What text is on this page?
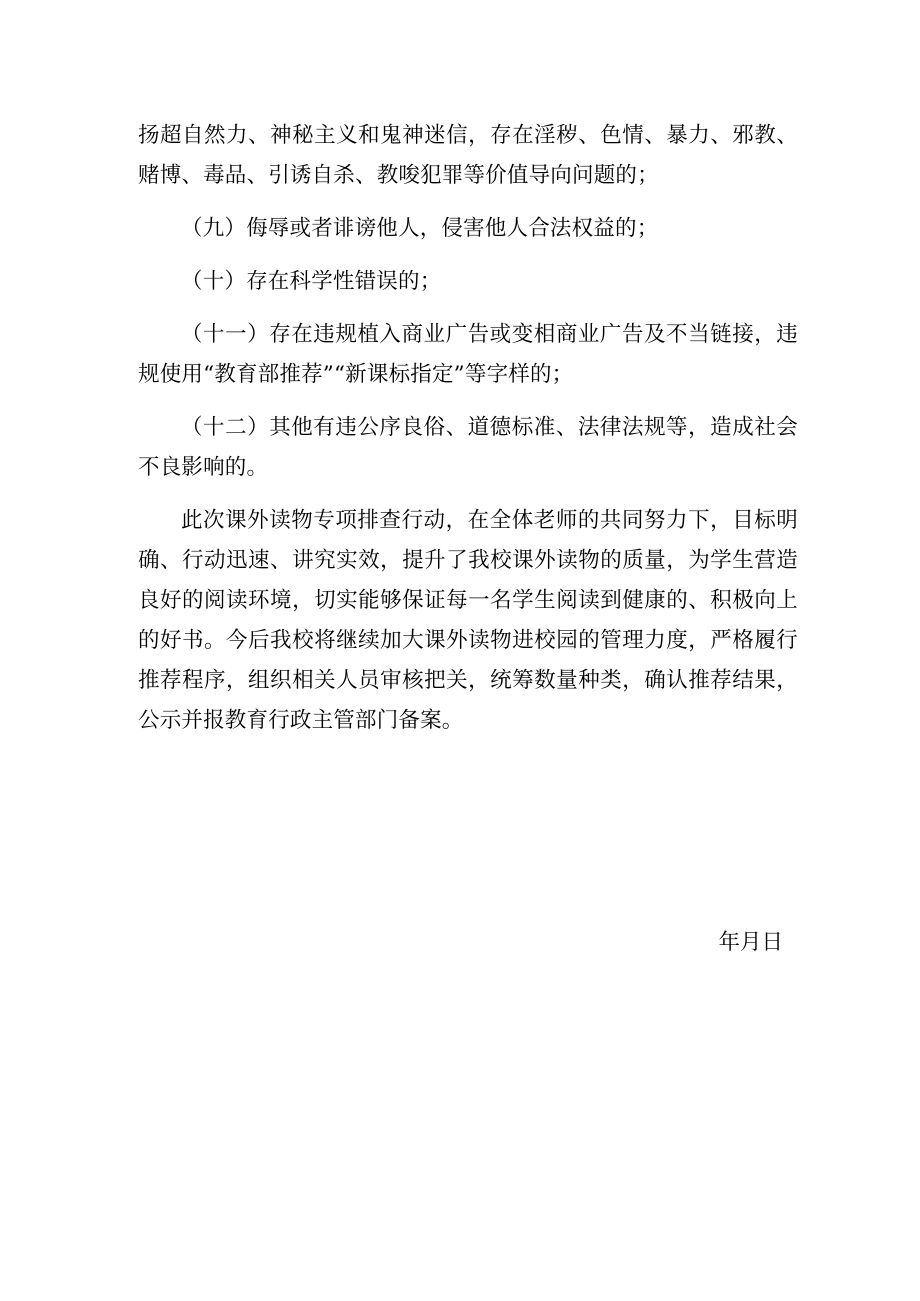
扬超自然力、神秘主义和鬼神迷信，存在淫秽、色情、暴力、邪教、赌博、毒品、引诱自杀、教唆犯罪等价值导向问题的；

（九）侮辱或者诽谤他人，侵害他人合法权益的；

（十）存在科学性错误的；

（十一）存在违规植入商业广告或变相商业广告及不当链接，违规使用“教育部推荐”“新课标指定”等字样的；

（十二）其他有违公序良俗、道德标准、法律法规等，造成社会不良影响的。

此次课外读物专项排查行动，在全体老师的共同努力下，目标明确、行动迅速、讲究实效，提升了我校课外读物的质量，为学生营造良好的阅读环境，切实能够保证每一名学生阅读到健康的、积极向上的好书。今后我校将继续加大课外读物进校园的管理力度，严格履行推荐程序，组织相关人员审核把关，统筹数量种类，确认推荐结果，公示并报教育行政主管部门备案。

年月日
